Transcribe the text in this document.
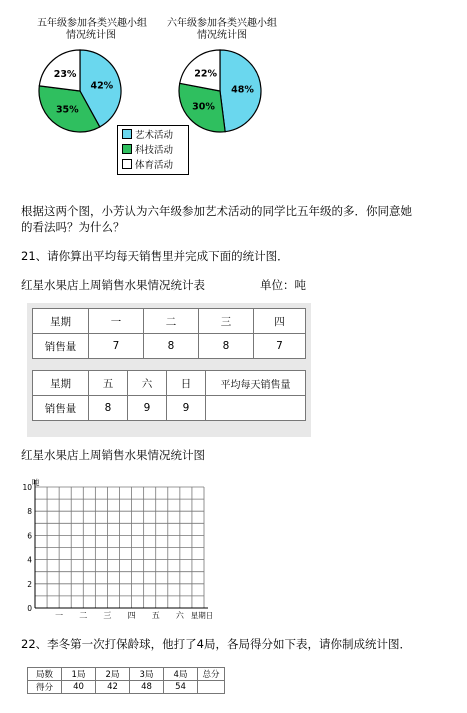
五年级参加各类兴趣小组
情况统计图
42%
35%
23%
六年级参加各类兴趣小组
情况统计图
48%
30%
22%
艺术活动
科技活动
体育活动
根据这两个图，小芳认为六年级参加艺术活动的同学比五年级的多．你同意她
的看法吗？为什么？
21、请你算出平均每天销售里并完成下面的统计图．
红星水果店上周销售水果情况统计表	单位：吨
星期	一	二	三	四
销售量	7	8	8	7
星期	五	六	日	平均每天销售量
销售量	8	9	9	
红星水果店上周销售水果情况统计图
0
2
4
6
8
10
吨
一 二 三 四 五 六 星期日
22、李冬第一次打保龄球，他打了4局，各局得分如下表，请你制成统计图．
局数	1局	2局	3局	4局	总分
得分	40	42	48	54	
